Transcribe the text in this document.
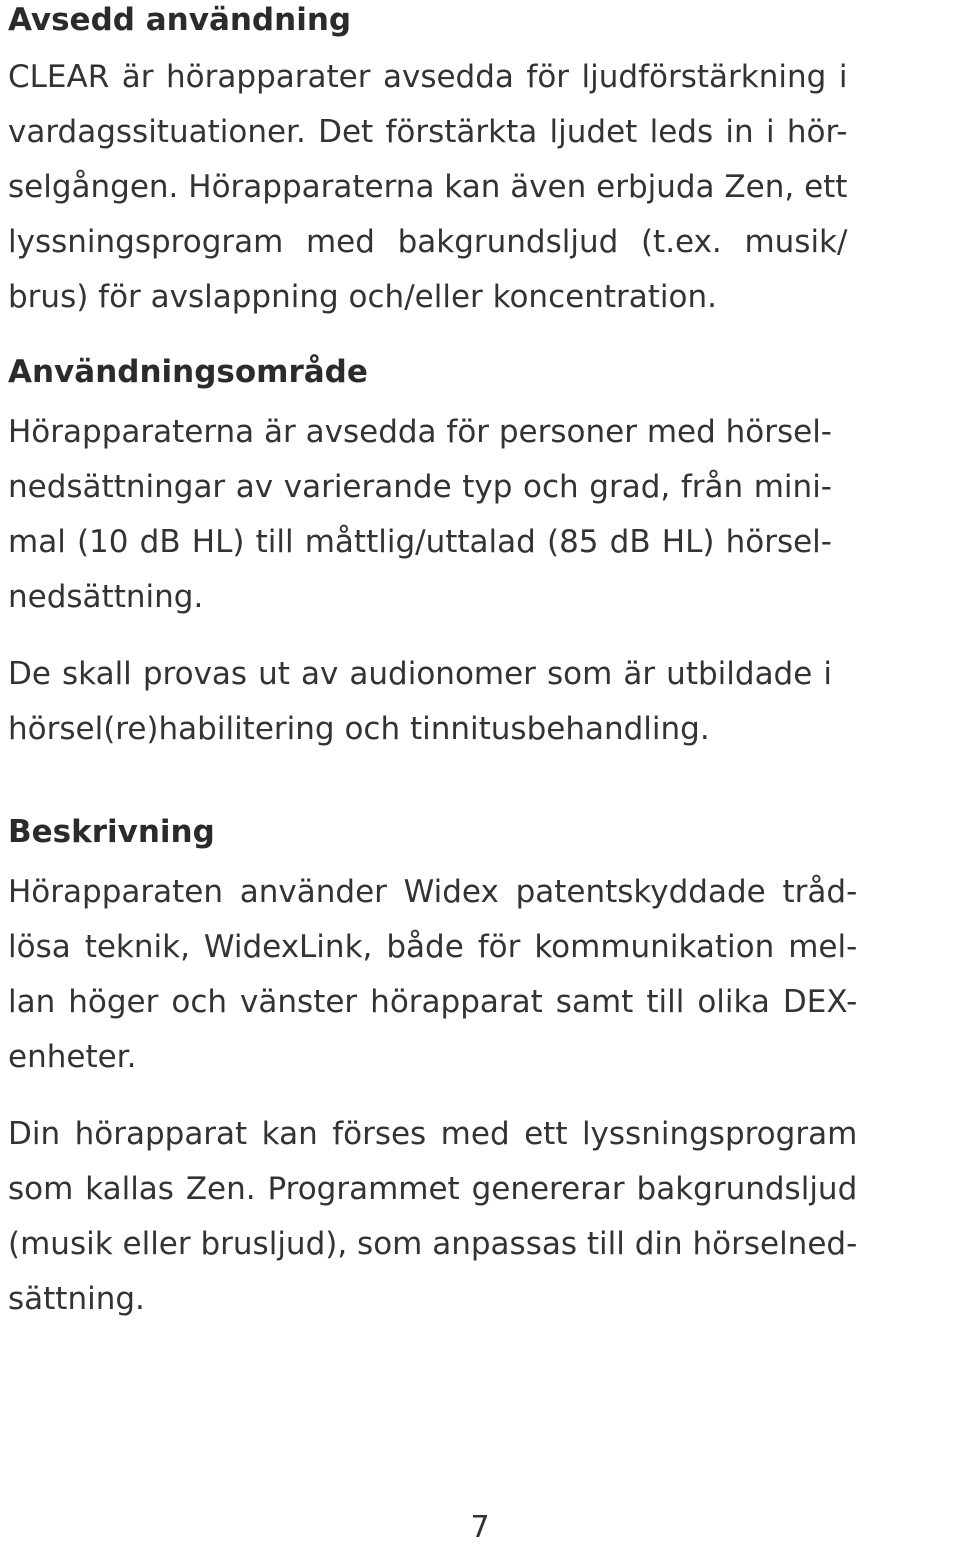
Avsedd användning

CLEAR är hörapparater avsedda för ljudförstärkning i
vardagssituationer. Det förstärkta ljudet leds in i hör-
selgången. Hörapparaterna kan även erbjuda Zen, ett
lyssningsprogram med bakgrundsljud (t.ex. musik/
brus) för avslappning och/eller koncentration.

Användningsområde

Hörapparaterna är avsedda för personer med hörsel-
nedsättningar av varierande typ och grad, från mini-
mal (10 dB HL) till måttlig/uttalad (85 dB HL) hörsel-
nedsättning.

De skall provas ut av audionomer som är utbildade i
hörsel(re)habilitering och tinnitusbehandling.

Beskrivning

Hörapparaten använder Widex patentskyddade tråd-
lösa teknik, WidexLink, både för kommunikation mel-
lan höger och vänster hörapparat samt till olika DEX-
enheter.

Din hörapparat kan förses med ett lyssningsprogram
som kallas Zen. Programmet genererar bakgrundsljud
(musik eller brusljud), som anpassas till din hörselned-
sättning.

7
